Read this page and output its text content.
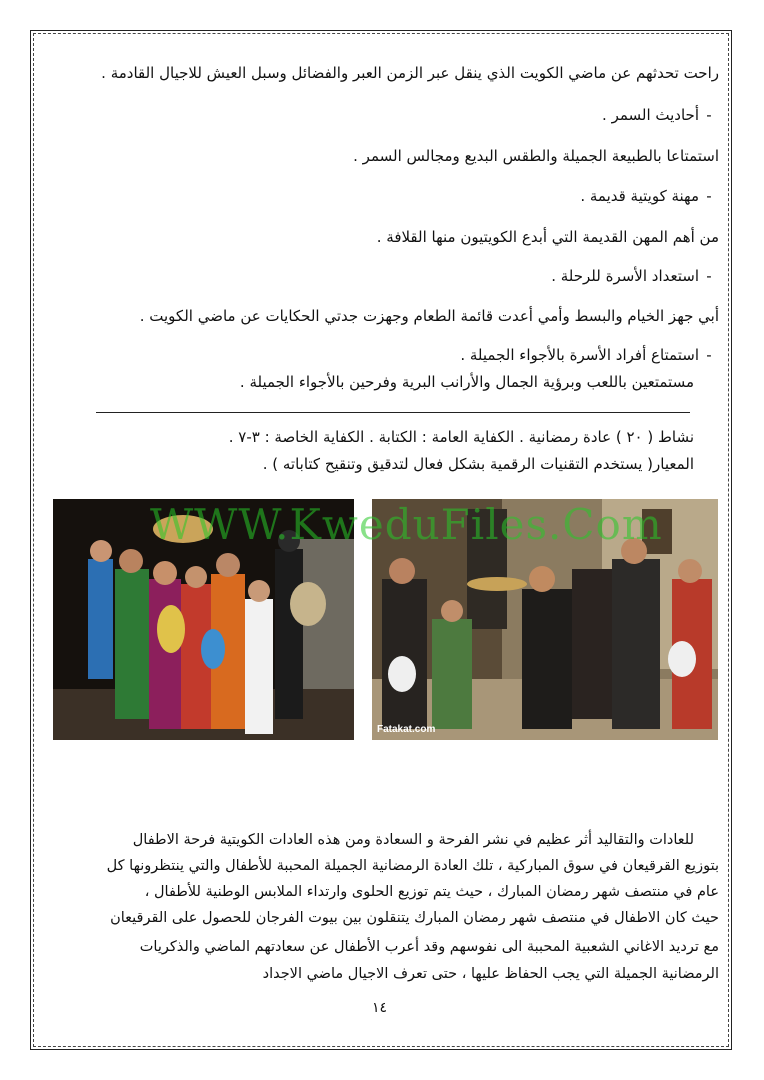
راحت تحدثهم عن ماضي الكويت الذي ينقل عبر الزمن العبر والفضائل وسبل العيش للاجيال القادمة .
-أحاديث السمر .
استمتاعا بالطبيعة الجميلة والطقس البديع ومجالس السمر .
-مهنة كويتية قديمة .
من أهم المهن القديمة التي أبدع الكويتيون منها القلافة .
-استعداد الأسرة للرحلة .
أبي جهز الخيام والبسط وأمي أعدت قائمة الطعام وجهزت جدتي الحكايات عن ماضي الكويت .
-استمتاع أفراد الأسرة بالأجواء الجميلة .
مستمتعين باللعب وبرؤية الجمال والأرانب البرية وفرحين بالأجواء الجميلة .
نشاط ( ٢٠ ) عادة رمضانية . الكفاية العامة : الكتابة . الكفاية الخاصة : ٣-٧ .
المعيار( يستخدم التقنيات الرقمية بشكل فعال لتدقيق وتنقيح كتاباته ) .
WWW.KweduFiles.Com
Fatakat.com
للعادات والتقاليد أثر عظيم في نشر الفرحة و السعادة ومن هذه العادات الكويتية فرحة الاطفال
بتوزيع القرقيعان في سوق المباركية ، تلك العادة الرمضانية الجميلة المحببة للأطفال والتي ينتظرونها كل
عام في منتصف شهر رمضان المبارك ، حيث يتم توزيع الحلوى وارتداء الملابس الوطنية للأطفال ،
حيث كان الاطفال في منتصف شهر رمضان المبارك يتنقلون بين بيوت الفرجان للحصول على القرقيعان
مع ترديد الاغاني الشعبية المحببة الى نفوسهم وقد أعرب الأطفال عن سعادتهم الماضي والذكريات
الرمضانية الجميلة التي يجب الحفاظ عليها ، حتى تعرف الاجيال ماضي الاجداد
١٤
